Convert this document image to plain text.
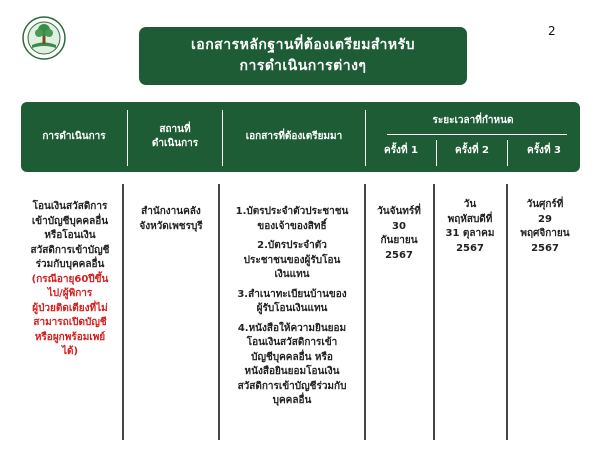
2
เอกสารหลักฐานที่ต้องเตรียมสำหรับ
การดำเนินการต่างๆ
การดำเนินการ
สถานที่
ดำเนินการ
เอกสารที่ต้องเตรียมมา
ระยะเวลาที่กำหนด
ครั้งที่ 1	ครั้งที่ 2	ครั้งที่ 3
โอนเงินสวัสดิการ
เข้าบัญชีบุคคลอื่น
หรือโอนเงิน
สวัสดิการเข้าบัญชี
ร่วมกับบุคคลอื่น
(กรณีอายุ60ปีขึ้น
ไป/ผู้พิการ
ผู้ป่วยติดเตียงที่ไม่
สามารถเปิดบัญชี
หรือผูกพร้อมเพย์
ได้)
สำนักงานคลัง
จังหวัดเพชรบุรี
1.บัตรประจำตัวประชาชน
ของเจ้าของสิทธิ์
2.บัตรประจำตัว
ประชาชนของผู้รับโอน
เงินแทน
3.สำเนาทะเบียนบ้านของ
ผู้รับโอนเงินแทน
4.หนังสือให้ความยินยอม
โอนเงินสวัสดิการเข้า
บัญชีบุคคลอื่น หรือ
หนังสือยินยอมโอนเงิน
สวัสดิการเข้าบัญชีร่วมกับ
บุคคลอื่น
วันจันทร์ที่
30
กันยายน
2567
วัน
พฤหัสบดีที่
31 ตุลาคม
2567
วันศุกร์ที่
29
พฤศจิกายน
2567
